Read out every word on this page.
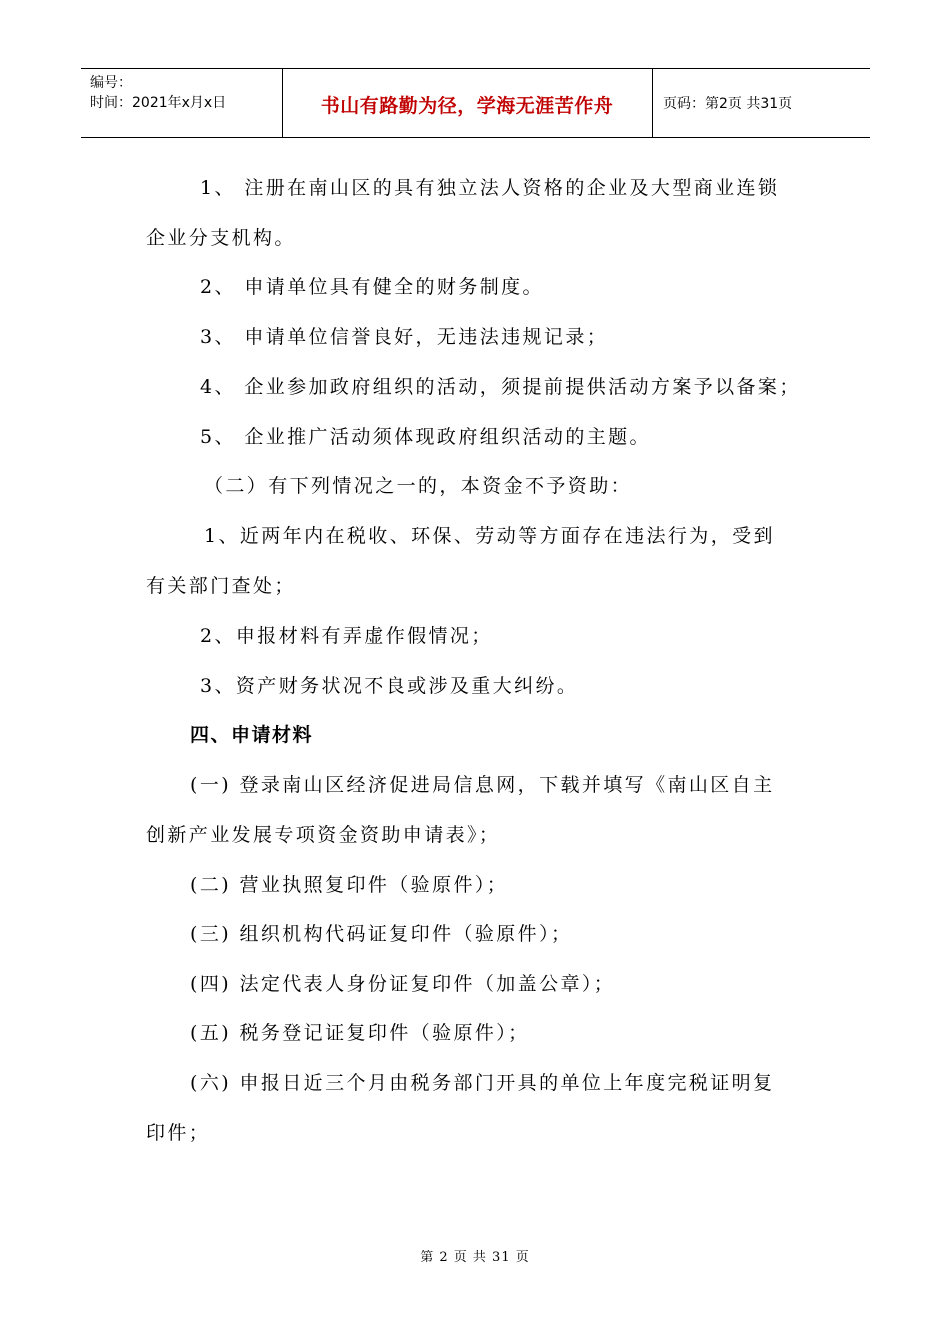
编号：
时间：2021年x月x日	书山有路勤为径，学海无涯苦作舟	页码：第2页 共31页
1、 注册在南山区的具有独立法人资格的企业及大型商业连锁
企业分支机构。
2、 申请单位具有健全的财务制度。
3、 申请单位信誉良好，无违法违规记录；
4、 企业参加政府组织的活动，须提前提供活动方案予以备案；
5、 企业推广活动须体现政府组织活动的主题。
（二）有下列情况之一的，本资金不予资助：
1、近两年内在税收、环保、劳动等方面存在违法行为，受到
有关部门查处；
2、申报材料有弄虚作假情况；
3、资产财务状况不良或涉及重大纠纷。
四、申请材料
(一) 登录南山区经济促进局信息网，下载并填写《南山区自主
创新产业发展专项资金资助申请表》；
(二) 营业执照复印件（验原件）；
(三) 组织机构代码证复印件（验原件）；
(四) 法定代表人身份证复印件（加盖公章）；
(五) 税务登记证复印件（验原件）；
(六) 申报日近三个月由税务部门开具的单位上年度完税证明复
印件；
第 2 页 共 31 页
